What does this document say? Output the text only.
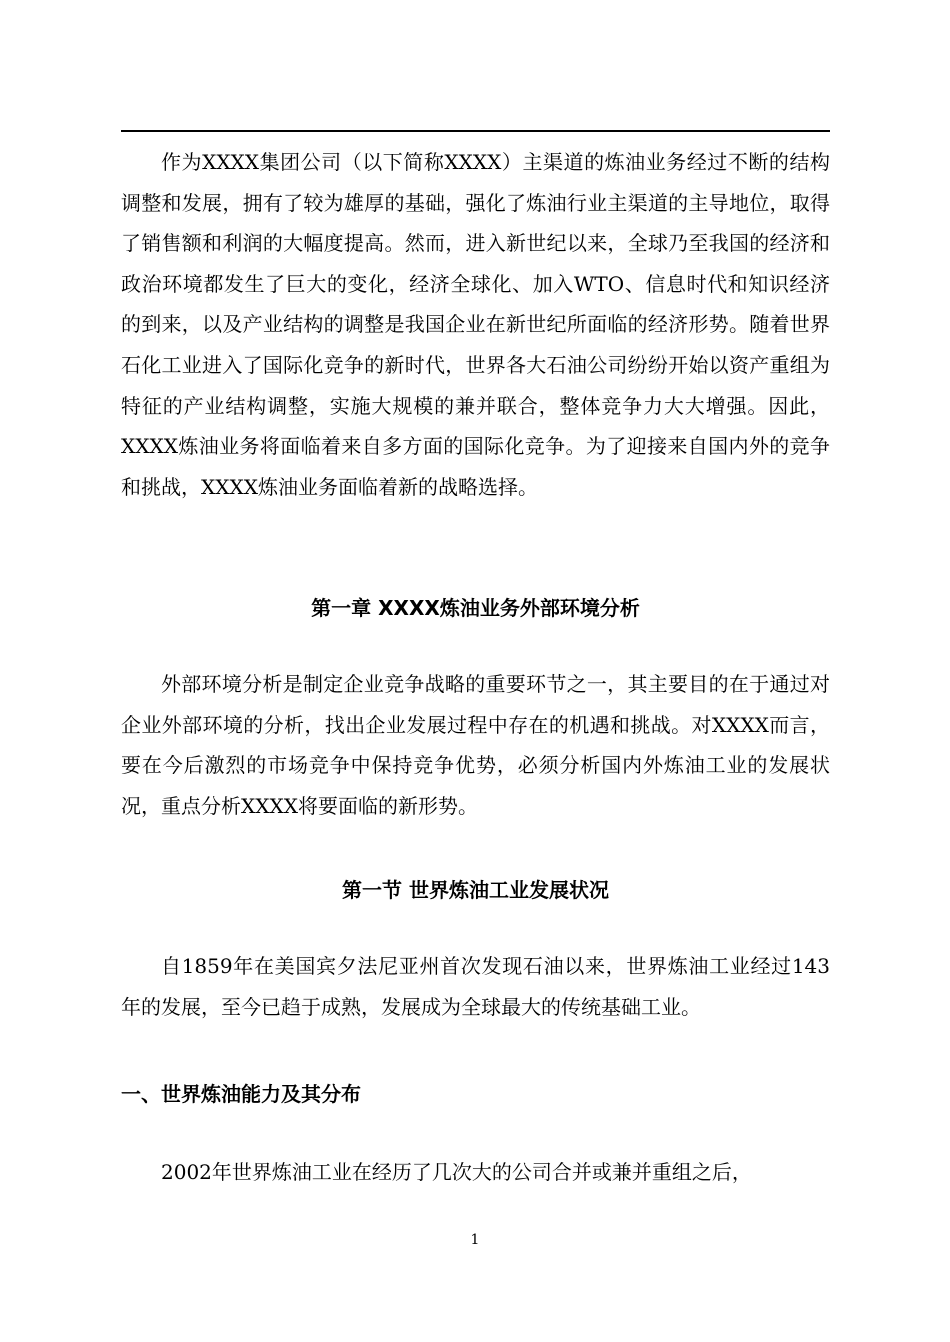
作为XXXX集团公司（以下简称XXXX）主渠道的炼油业务经过不断的结构调整和发展，拥有了较为雄厚的基础，强化了炼油行业主渠道的主导地位，取得了销售额和利润的大幅度提高。然而，进入新世纪以来，全球乃至我国的经济和政治环境都发生了巨大的变化，经济全球化、加入WTO、信息时代和知识经济的到来，以及产业结构的调整是我国企业在新世纪所面临的经济形势。随着世界石化工业进入了国际化竞争的新时代，世界各大石油公司纷纷开始以资产重组为特征的产业结构调整，实施大规模的兼并联合，整体竞争力大大增强。因此，XXXX炼油业务将面临着来自多方面的国际化竞争。为了迎接来自国内外的竞争和挑战，XXXX炼油业务面临着新的战略选择。

第一章 XXXX炼油业务外部环境分析

外部环境分析是制定企业竞争战略的重要环节之一，其主要目的在于通过对企业外部环境的分析，找出企业发展过程中存在的机遇和挑战。对XXXX而言，要在今后激烈的市场竞争中保持竞争优势，必须分析国内外炼油工业的发展状况，重点分析XXXX将要面临的新形势。

第一节 世界炼油工业发展状况

自1859年在美国宾夕法尼亚州首次发现石油以来，世界炼油工业经过143年的发展，至今已趋于成熟，发展成为全球最大的传统基础工业。

一、世界炼油能力及其分布

2002年世界炼油工业在经历了几次大的公司合并或兼并重组之后，

1
